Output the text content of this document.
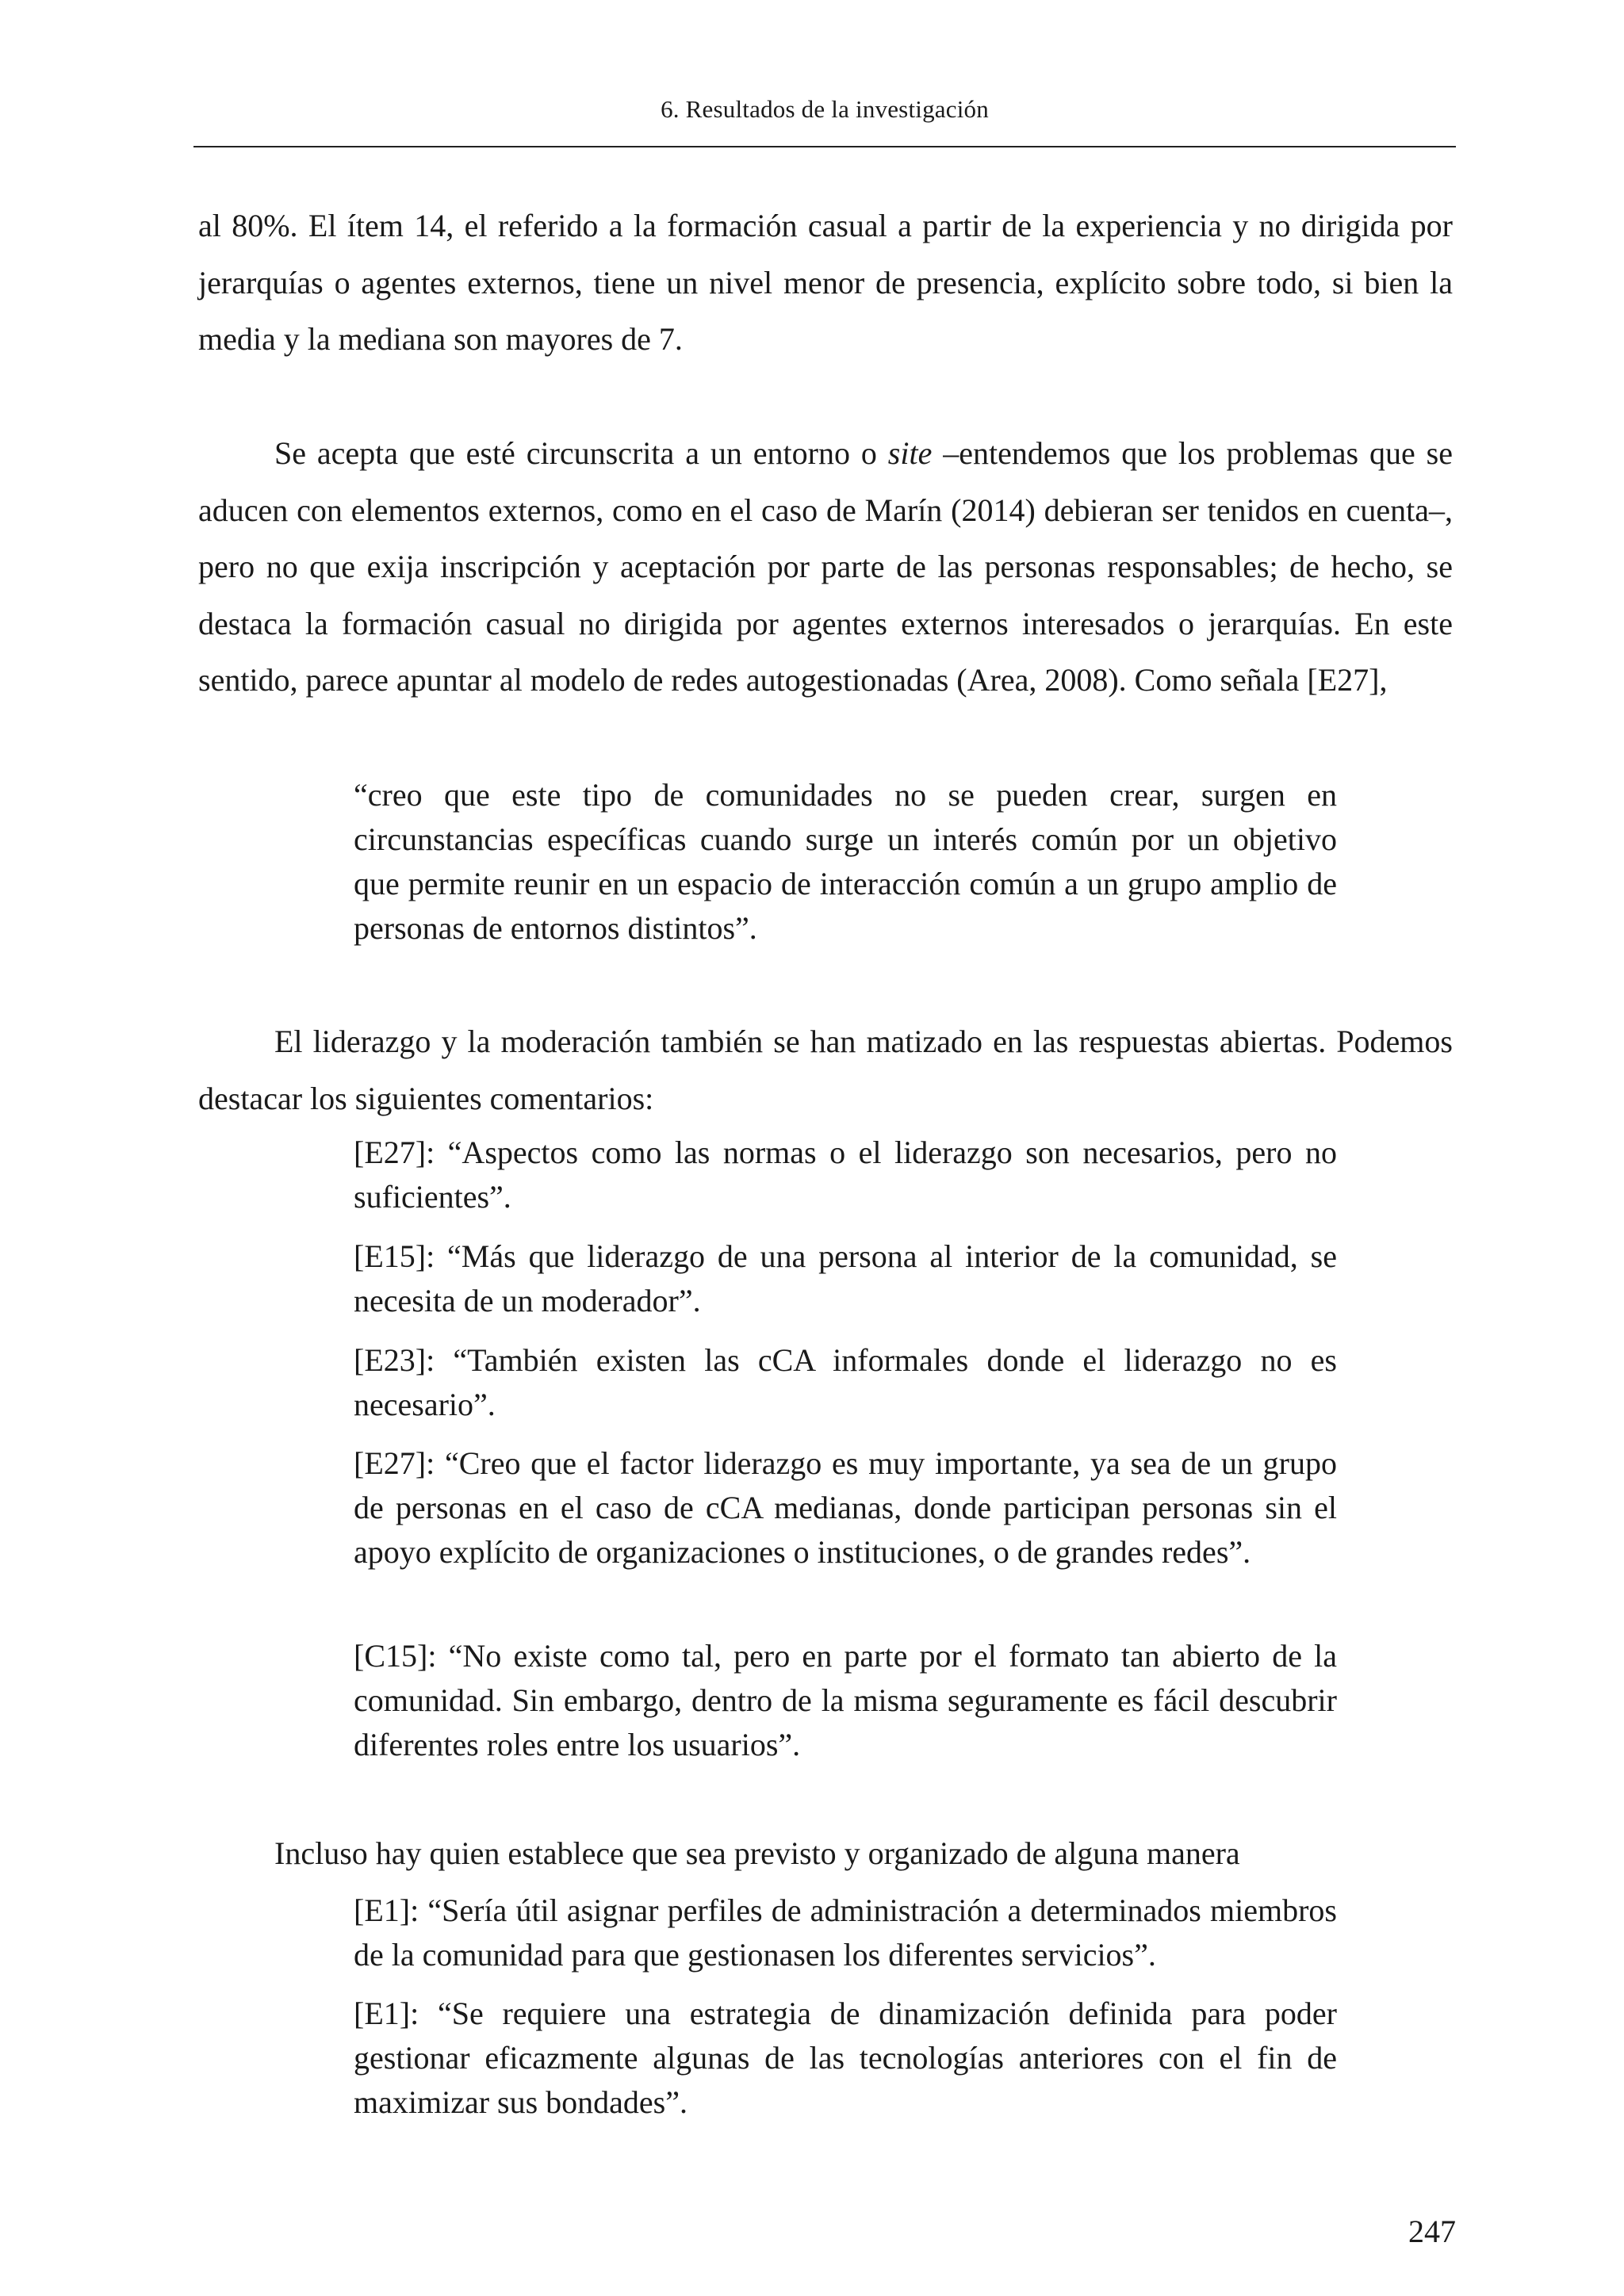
6. Resultados de la investigación

al 80%. El ítem 14, el referido a la formación casual a partir de la experiencia y no dirigida por jerarquías o agentes externos, tiene un nivel menor de presencia, explícito sobre todo, si bien la media y la mediana son mayores de 7.

Se acepta que esté circunscrita a un entorno o site –entendemos que los problemas que se aducen con elementos externos, como en el caso de Marín (2014) debieran ser tenidos en cuenta–, pero no que exija inscripción y aceptación por parte de las personas responsables; de hecho, se destaca la formación casual no dirigida por agentes externos interesados o jerarquías. En este sentido, parece apuntar al modelo de redes autogestionadas (Area, 2008). Como señala [E27],

“creo que este tipo de comunidades no se pueden crear, surgen en circunstancias específicas cuando surge un interés común por un objetivo que permite reunir en un espacio de interacción común a un grupo amplio de personas de entornos distintos”.

El liderazgo y la moderación también se han matizado en las respuestas abiertas. Podemos destacar los siguientes comentarios:

[E27]: “Aspectos como las normas o el liderazgo son necesarios, pero no suficientes”.

[E15]: “Más que liderazgo de una persona al interior de la comunidad, se necesita de un moderador”.

[E23]: “También existen las cCA informales donde el liderazgo no es necesario”.

[E27]: “Creo que el factor liderazgo es muy importante, ya sea de un grupo de personas en el caso de cCA medianas, donde participan personas sin el apoyo explícito de organizaciones o instituciones, o de grandes redes”.

[C15]: “No existe como tal, pero en parte por el formato tan abierto de la comunidad. Sin embargo, dentro de la misma seguramente es fácil descubrir diferentes roles entre los usuarios”.

Incluso hay quien establece que sea previsto y organizado de alguna manera

[E1]: “Sería útil asignar perfiles de administración a determinados miembros de la comunidad para que gestionasen los diferentes servicios”.

[E1]: “Se requiere una estrategia de dinamización definida para poder gestionar eficazmente algunas de las tecnologías anteriores con el fin de maximizar sus bondades”.

247
